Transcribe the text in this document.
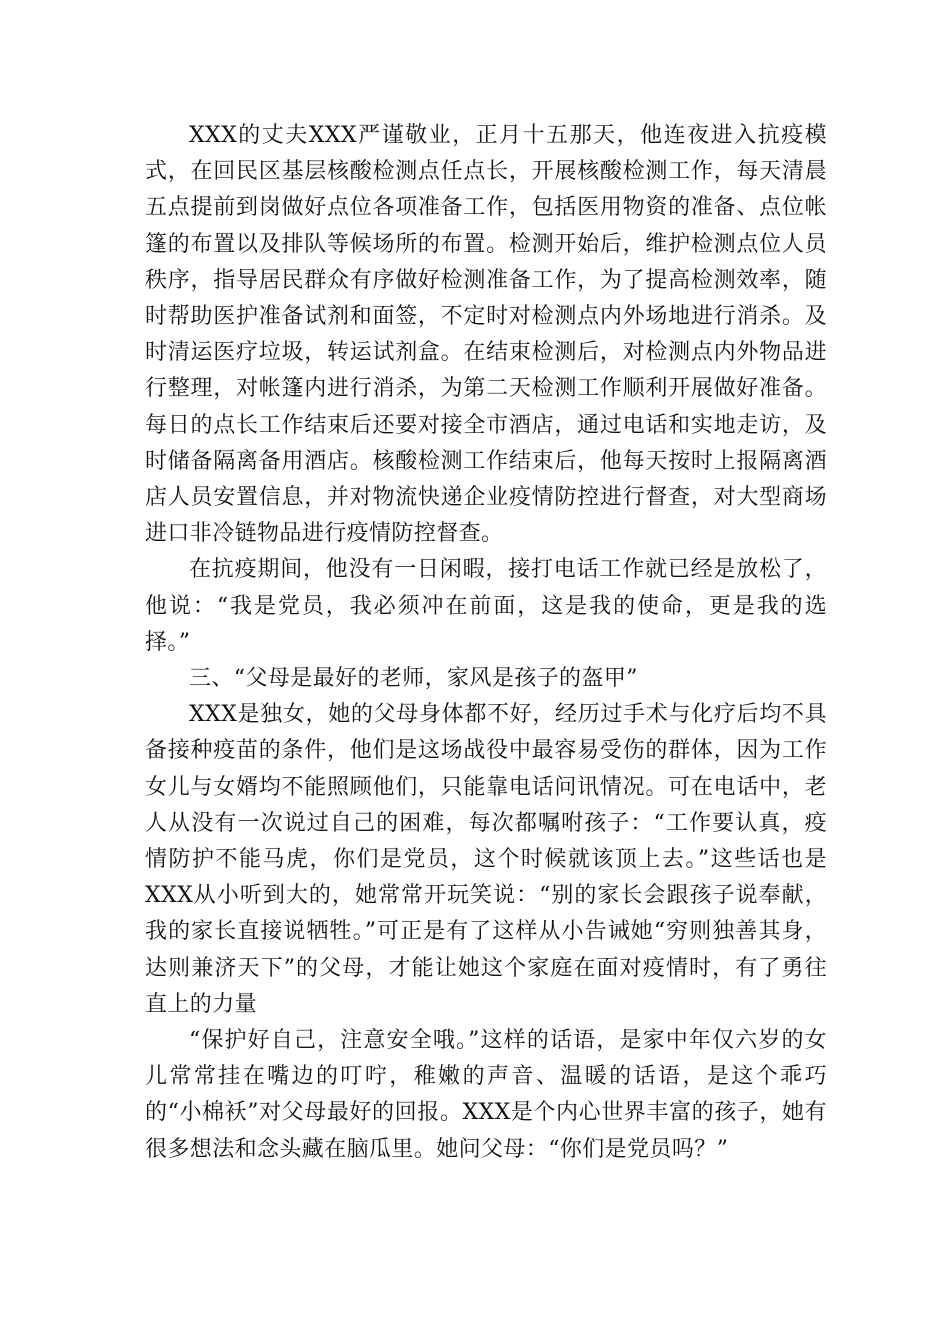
XXX的丈夫XXX严谨敬业，正月十五那天，他连夜进入抗疫模式，在回民区基层核酸检测点任点长，开展核酸检测工作，每天清晨五点提前到岗做好点位各项准备工作，包括医用物资的准备、点位帐篷的布置以及排队等候场所的布置。检测开始后，维护检测点位人员秩序，指导居民群众有序做好检测准备工作，为了提高检测效率，随时帮助医护准备试剂和面签，不定时对检测点内外场地进行消杀。及时清运医疗垃圾，转运试剂盒。在结束检测后，对检测点内外物品进行整理，对帐篷内进行消杀，为第二天检测工作顺利开展做好准备。每日的点长工作结束后还要对接全市酒店，通过电话和实地走访，及时储备隔离备用酒店。核酸检测工作结束后，他每天按时上报隔离酒店人员安置信息，并对物流快递企业疫情防控进行督查，对大型商场进口非冷链物品进行疫情防控督查。

在抗疫期间，他没有一日闲暇，接打电话工作就已经是放松了，他说：“我是党员，我必须冲在前面，这是我的使命，更是我的选择。”

三、“父母是最好的老师，家风是孩子的盔甲”

XXX是独女，她的父母身体都不好，经历过手术与化疗后均不具备接种疫苗的条件，他们是这场战役中最容易受伤的群体，因为工作女儿与女婿均不能照顾他们，只能靠电话问讯情况。可在电话中，老人从没有一次说过自己的困难，每次都嘱咐孩子：“工作要认真，疫情防护不能马虎，你们是党员，这个时候就该顶上去。”这些话也是XXX从小听到大的，她常常开玩笑说：“别的家长会跟孩子说奉献，我的家长直接说牺牲。”可正是有了这样从小告诫她“穷则独善其身，达则兼济天下”的父母，才能让她这个家庭在面对疫情时，有了勇往直上的力量

“保护好自己，注意安全哦。”这样的话语，是家中年仅六岁的女儿常常挂在嘴边的叮咛，稚嫩的声音、温暖的话语，是这个乖巧的“小棉袄”对父母最好的回报。XXX是个内心世界丰富的孩子，她有很多想法和念头藏在脑瓜里。她问父母：“你们是党员吗？”
